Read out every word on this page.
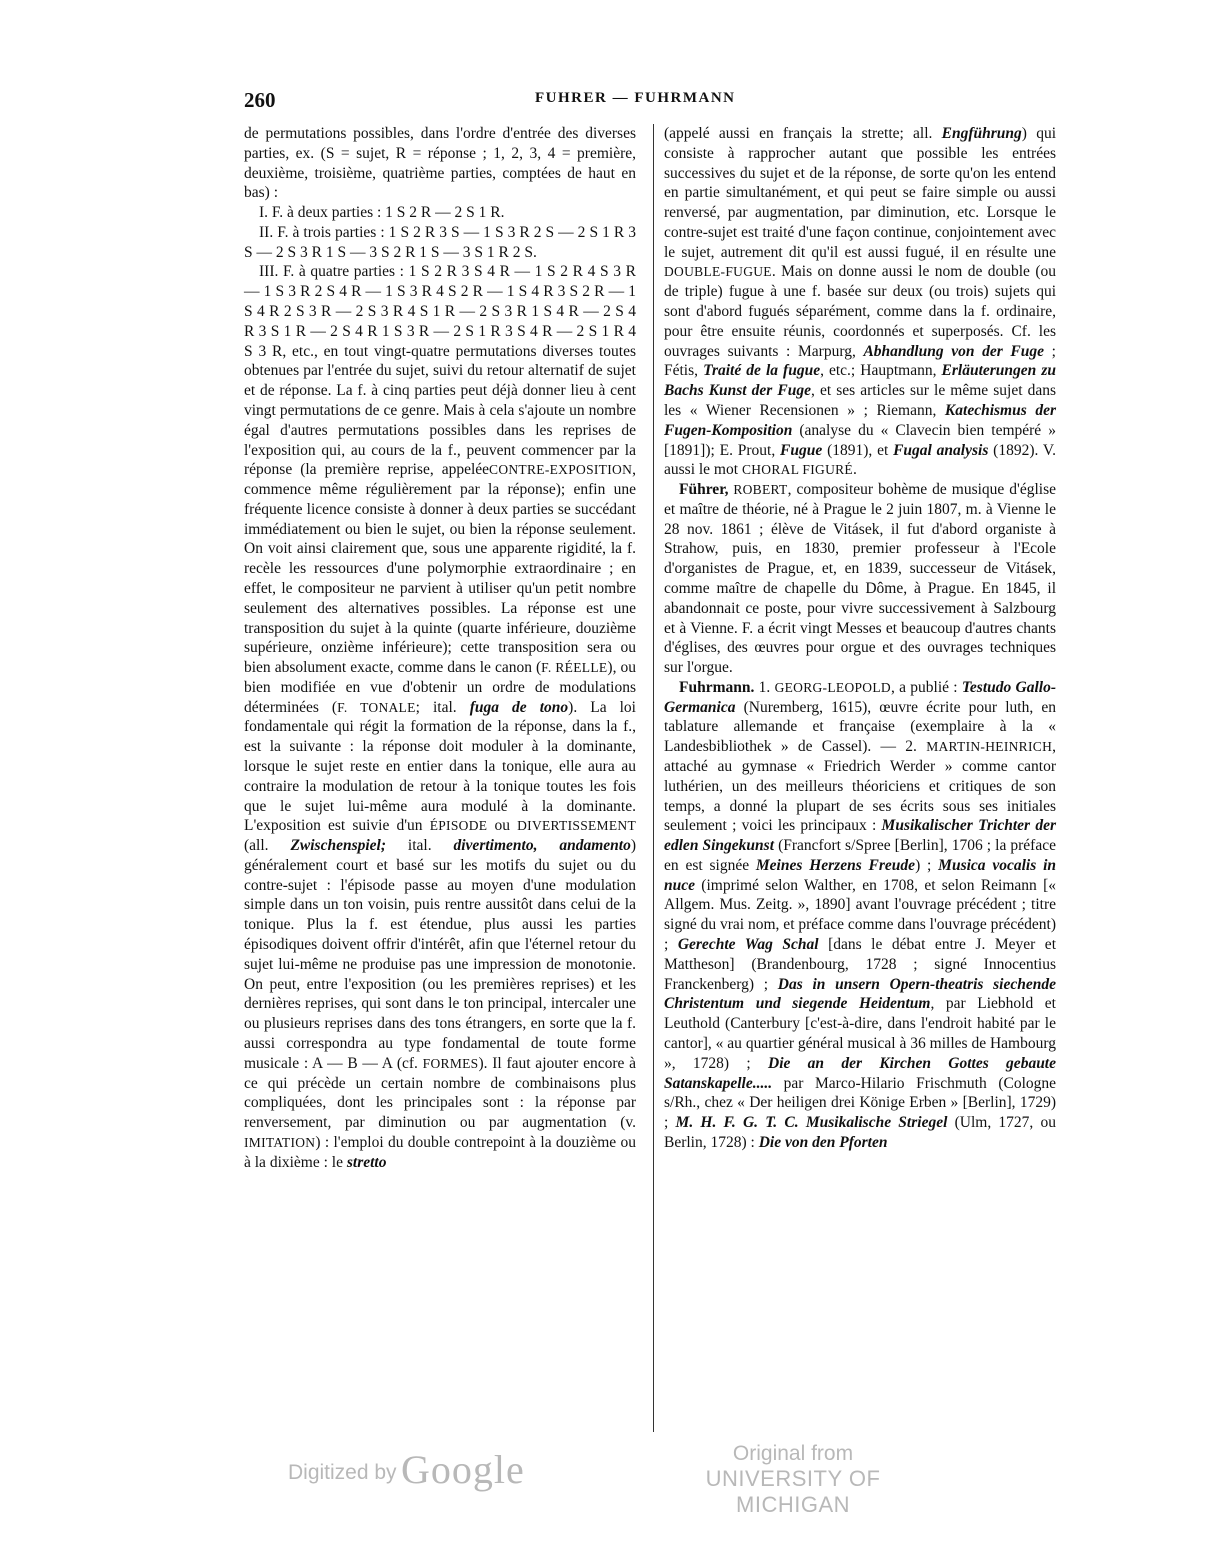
260	FUHRER — FUHRMANN

de permutations possibles, dans l'ordre d'entrée des diverses parties, ex. (S = sujet, R = réponse ; 1, 2, 3, 4 = première, deuxième, troisième, quatrième parties, comptées de haut en bas) :

I. F. à deux parties : 1 S 2 R — 2 S 1 R.

II. F. à trois parties : 1 S 2 R 3 S — 1 S 3 R 2 S — 2 S 1 R 3 S — 2 S 3 R 1 S — 3 S 2 R 1 S — 3 S 1 R 2 S.

III. F. à quatre parties : 1 S 2 R 3 S 4 R — 1 S 2 R 4 S 3 R — 1 S 3 R 2 S 4 R — 1 S 3 R 4 S 2 R — 1 S 4 R 3 S 2 R — 1 S 4 R 2 S 3 R — 2 S 3 R 4 S 1 R — 2 S 3 R 1 S 4 R — 2 S 4 R 3 S 1 R — 2 S 4 R 1 S 3 R — 2 S 1 R 3 S 4 R — 2 S 1 R 4 S 3 R, etc., en tout vingt-quatre permutations diverses toutes obtenues par l'entrée du sujet, suivi du retour alternatif de sujet et de réponse. La f. à cinq parties peut déjà donner lieu à cent vingt permutations de ce genre. Mais à cela s'ajoute un nombre égal d'autres permutations possibles dans les reprises de l'exposition qui, au cours de la f., peuvent commencer par la réponse (la première reprise, appeléeCONTRE-EXPOSITION, commence même régulièrement par la réponse); enfin une fréquente licence consiste à donner à deux parties se succédant immédiatement ou bien le sujet, ou bien la réponse seulement. On voit ainsi clairement que, sous une apparente rigidité, la f. recèle les ressources d'une polymorphie extraordinaire ; en effet, le compositeur ne parvient à utiliser qu'un petit nombre seulement des alternatives possibles. La réponse est une transposition du sujet à la quinte (quarte inférieure, douzième supérieure, onzième inférieure); cette transposition sera ou bien absolument exacte, comme dans le canon (F. RÉELLE), ou bien modifiée en vue d'obtenir un ordre de modulations déterminées (F. TONALE; ital. fuga de tono). La loi fondamentale qui régit la formation de la réponse, dans la f., est la suivante : la réponse doit moduler à la dominante, lorsque le sujet reste en entier dans la tonique, elle aura au contraire la modulation de retour à la tonique toutes les fois que le sujet lui-même aura modulé à la dominante. L'exposition est suivie d'un ÉPISODE ou DIVERTISSEMENT (all. Zwischenspiel; ital. divertimento, andamento) généralement court et basé sur les motifs du sujet ou du contre-sujet : l'épisode passe au moyen d'une modulation simple dans un ton voisin, puis rentre aussitôt dans celui de la tonique. Plus la f. est étendue, plus aussi les parties épisodiques doivent offrir d'intérêt, afin que l'éternel retour du sujet lui-même ne produise pas une impression de monotonie. On peut, entre l'exposition (ou les premières reprises) et les dernières reprises, qui sont dans le ton principal, intercaler une ou plusieurs reprises dans des tons étrangers, en sorte que la f. aussi correspondra au type fondamental de toute forme musicale : A — B — A (cf. FORMES). Il faut ajouter encore à ce qui précède un certain nombre de combinaisons plus compliquées, dont les principales sont : la réponse par renversement, par diminution ou par augmentation (v. IMITATION) : l'emploi du double contrepoint à la douzième ou à la dixième : le stretto

(appelé aussi en français la strette; all. Engführung) qui consiste à rapprocher autant que possible les entrées successives du sujet et de la réponse, de sorte qu'on les entend en partie simultanément, et qui peut se faire simple ou aussi renversé, par augmentation, par diminution, etc. Lorsque le contre-sujet est traité d'une façon continue, conjointement avec le sujet, autrement dit qu'il est aussi fugué, il en résulte une DOUBLE-FUGUE. Mais on donne aussi le nom de double (ou de triple) fugue à une f. basée sur deux (ou trois) sujets qui sont d'abord fugués séparément, comme dans la f. ordinaire, pour être ensuite réunis, coordonnés et superposés. Cf. les ouvrages suivants : Marpurg, Abhandlung von der Fuge ; Fétis, Traité de la fugue, etc.; Hauptmann, Erläuterungen zu Bachs Kunst der Fuge, et ses articles sur le même sujet dans les « Wiener Recensionen » ; Riemann, Katechismus der Fugen-Komposition (analyse du « Clavecin bien tempéré » [1891]); E. Prout, Fugue (1891), et Fugal analysis (1892). V. aussi le mot CHORAL FIGURÉ.

Führer, ROBERT, compositeur bohème de musique d'église et maître de théorie, né à Prague le 2 juin 1807, m. à Vienne le 28 nov. 1861 ; élève de Vitásek, il fut d'abord organiste à Strahow, puis, en 1830, premier professeur à l'Ecole d'organistes de Prague, et, en 1839, successeur de Vitásek, comme maître de chapelle du Dôme, à Prague. En 1845, il abandonnait ce poste, pour vivre successivement à Salzbourg et à Vienne. F. a écrit vingt Messes et beaucoup d'autres chants d'églises, des œuvres pour orgue et des ouvrages techniques sur l'orgue.

Fuhrmann. 1. GEORG-LEOPOLD, a publié : Testudo Gallo-Germanica (Nuremberg, 1615), œuvre écrite pour luth, en tablature allemande et française (exemplaire à la « Landesbibliothek » de Cassel). — 2. MARTIN-HEINRICH, attaché au gymnase « Friedrich Werder » comme cantor luthérien, un des meilleurs théoriciens et critiques de son temps, a donné la plupart de ses écrits sous ses initiales seulement ; voici les principaux : Musikalischer Trichter der edlen Singekunst (Francfort s/Spree [Berlin], 1706 ; la préface en est signée Meines Herzens Freude) ; Musica vocalis in nuce (imprimé selon Walther, en 1708, et selon Reimann [« Allgem. Mus. Zeitg. », 1890] avant l'ouvrage précédent ; titre signé du vrai nom, et préface comme dans l'ouvrage précédent) ; Gerechte Wag Schal [dans le débat entre J. Meyer et Mattheson] (Brandenbourg, 1728 ; signé Innocentius Franckenberg) ; Das in unsern Opern-theatris siechende Christentum und siegende Heidentum, par Liebhold et Leuthold (Canterbury [c'est-à-dire, dans l'endroit habité par le cantor], « au quartier général musical à 36 milles de Hambourg », 1728) ; Die an der Kirchen Gottes gebaute Satanskapelle..... par Marco-Hilario Frischmuth (Cologne s/Rh., chez « Der heiligen drei Könige Erben » [Berlin], 1729) ; M. H. F. G. T. C. Musikalische Striegel (Ulm, 1727, ou Berlin, 1728) : Die von den Pforten

Digitized by Google	Original from
UNIVERSITY OF MICHIGAN
